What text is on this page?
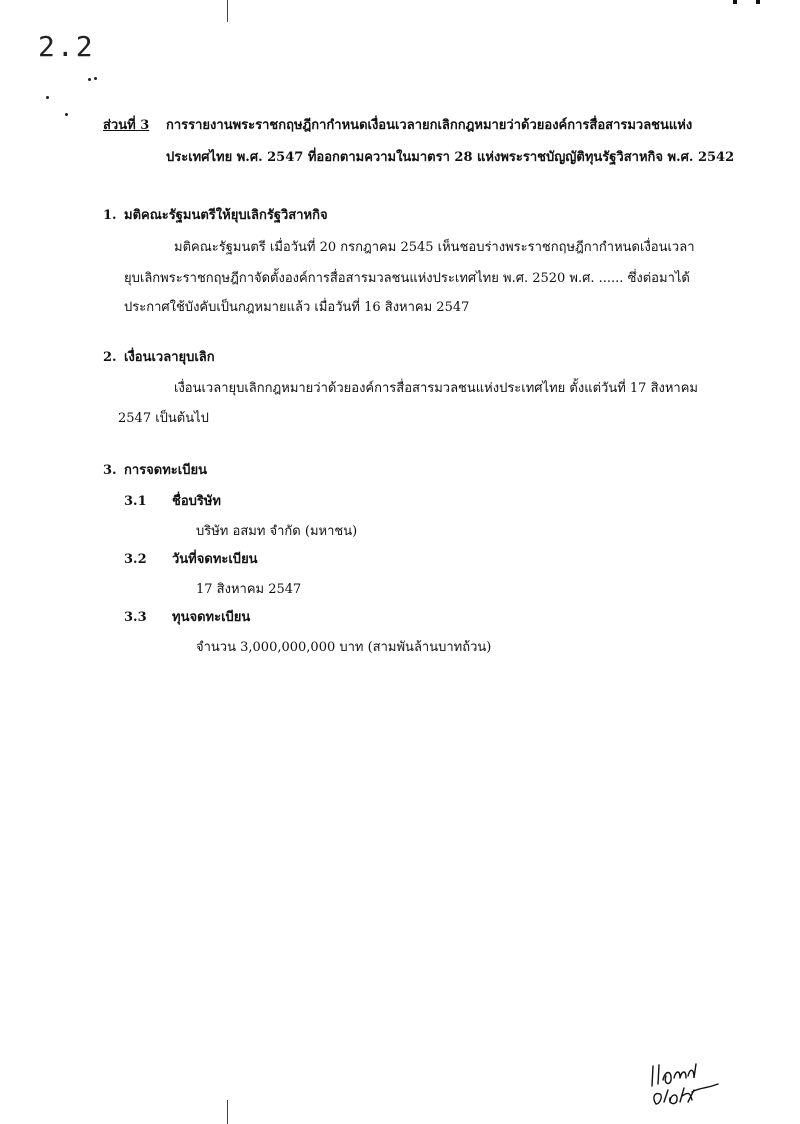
2.2
ส่วนที่ 3 การรายงานพระราชกฤษฎีกากำหนดเงื่อนเวลายกเลิกกฎหมายว่าด้วยองค์การสื่อสารมวลชนแห่ง
ประเทศไทย พ.ศ. 2547 ที่ออกตามความในมาตรา 28 แห่งพระราชบัญญัติทุนรัฐวิสาหกิจ พ.ศ. 2542
1. มติคณะรัฐมนตรีให้ยุบเลิกรัฐวิสาหกิจ
มติคณะรัฐมนตรี เมื่อวันที่ 20 กรกฎาคม 2545 เห็นชอบร่างพระราชกฤษฎีกากำหนดเงื่อนเวลา
ยุบเลิกพระราชกฤษฎีกาจัดตั้งองค์การสื่อสารมวลชนแห่งประเทศไทย พ.ศ. 2520 พ.ศ. ...... ซึ่งต่อมาได้
ประกาศใช้บังคับเป็นกฎหมายแล้ว เมื่อวันที่ 16 สิงหาคม 2547
2. เงื่อนเวลายุบเลิก
เงื่อนเวลายุบเลิกกฎหมายว่าด้วยองค์การสื่อสารมวลชนแห่งประเทศไทย ตั้งแต่วันที่ 17 สิงหาคม
2547 เป็นต้นไป
3. การจดทะเบียน
3.1 ชื่อบริษัท
บริษัท อสมท จำกัด (มหาชน)
3.2 วันที่จดทะเบียน
17 สิงหาคม 2547
3.3 ทุนจดทะเบียน
จำนวน 3,000,000,000 บาท (สามพันล้านบาทถ้วน)
